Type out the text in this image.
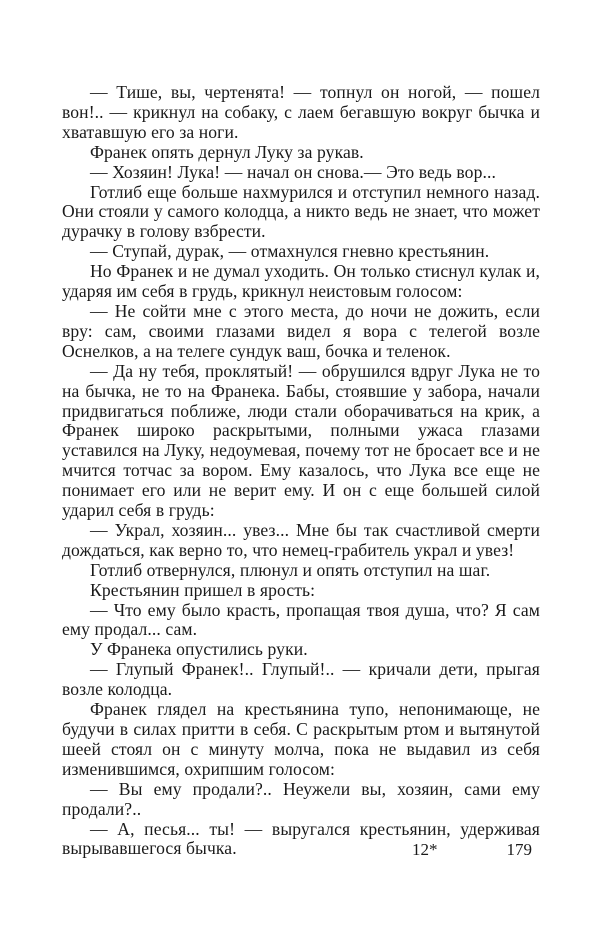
— Тише, вы, чертенята! — топнул он ногой, — пошел вон!.. — крикнул на собаку, с лаем бегавшую вокруг бычка и хватавшую его за ноги.

Франек опять дернул Луку за рукав.

— Хозяин! Лука! — начал он снова.— Это ведь вор...

Готлиб еще больше нахмурился и отступил немного назад. Они стояли у самого колодца, а никто ведь не знает, что может дурачку в голову взбрести.

— Ступай, дурак, — отмахнулся гневно крестьянин.

Но Франек и не думал уходить. Он только стиснул кулак и, ударяя им себя в грудь, крикнул неистовым голосом:

— Не сойти мне с этого места, до ночи не дожить, если вру: сам, своими глазами видел я вора с телегой возле Оснелков, а на телеге сундук ваш, бочка и теленок.

— Да ну тебя, проклятый! — обрушился вдруг Лука не то на бычка, не то на Франека. Бабы, стоявшие у забора, начали придвигаться поближе, люди стали оборачиваться на крик, а Франек широко раскрытыми, полными ужаса глазами уставился на Луку, недоумевая, почему тот не бросает все и не мчится тотчас за вором. Ему казалось, что Лука все еще не понимает его или не верит ему. И он с еще большей силой ударил себя в грудь:

— Украл, хозяин... увез... Мне бы так счастливой смерти дождаться, как верно то, что немец-грабитель украл и увез!

Готлиб отвернулся, плюнул и опять отступил на шаг.

Крестьянин пришел в ярость:

— Что ему было красть, пропащая твоя душа, что? Я сам ему продал... сам.

У Франека опустились руки.

— Глупый Франек!.. Глупый!.. — кричали дети, прыгая возле колодца.

Франек глядел на крестьянина тупо, непонимающе, не будучи в силах притти в себя. С раскрытым ртом и вытянутой шеей стоял он с минуту молча, пока не выдавил из себя изменившимся, охрипшим голосом:

— Вы ему продали?.. Неужели вы, хозяин, сами ему продали?..

— А, песья... ты! — выругался крестьянин, удерживая вырывавшегося бычка.	12*	179
